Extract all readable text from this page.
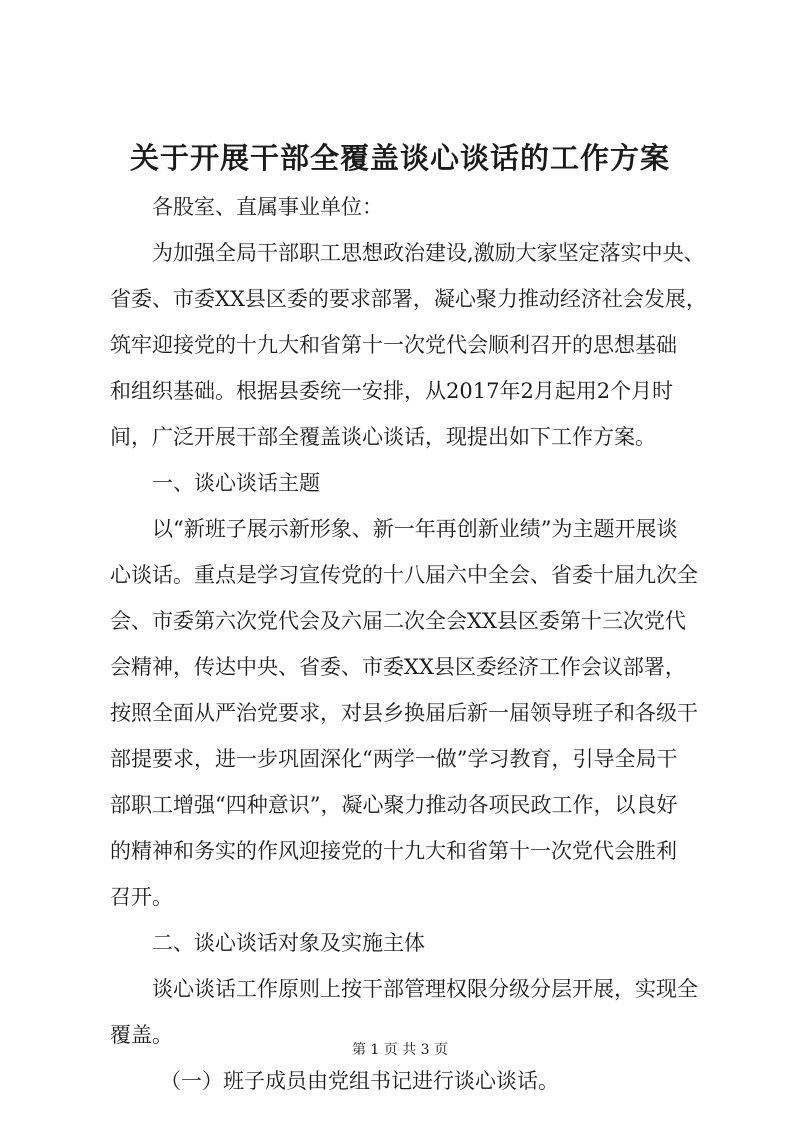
关于开展干部全覆盖谈心谈话的工作方案
各股室、直属事业单位：
为加强全局干部职工思想政治建设,激励大家坚定落实中央、
省委、市委XX县区委的要求部署，凝心聚力推动经济社会发展，
筑牢迎接党的十九大和省第十一次党代会顺利召开的思想基础
和组织基础。根据县委统一安排，从2017年2月起用2个月时
间，广泛开展干部全覆盖谈心谈话，现提出如下工作方案。
一、谈心谈话主题
以“新班子展示新形象、新一年再创新业绩”为主题开展谈
心谈话。重点是学习宣传党的十八届六中全会、省委十届九次全
会、市委第六次党代会及六届二次全会XX县区委第十三次党代
会精神，传达中央、省委、市委XX县区委经济工作会议部署，
按照全面从严治党要求，对县乡换届后新一届领导班子和各级干
部提要求，进一步巩固深化“两学一做”学习教育，引导全局干
部职工增强“四种意识”，凝心聚力推动各项民政工作，以良好
的精神和务实的作风迎接党的十九大和省第十一次党代会胜利
召开。
二、谈心谈话对象及实施主体
谈心谈话工作原则上按干部管理权限分级分层开展，实现全
覆盖。
（一）班子成员由党组书记进行谈心谈话。
第 1 页 共 3 页
